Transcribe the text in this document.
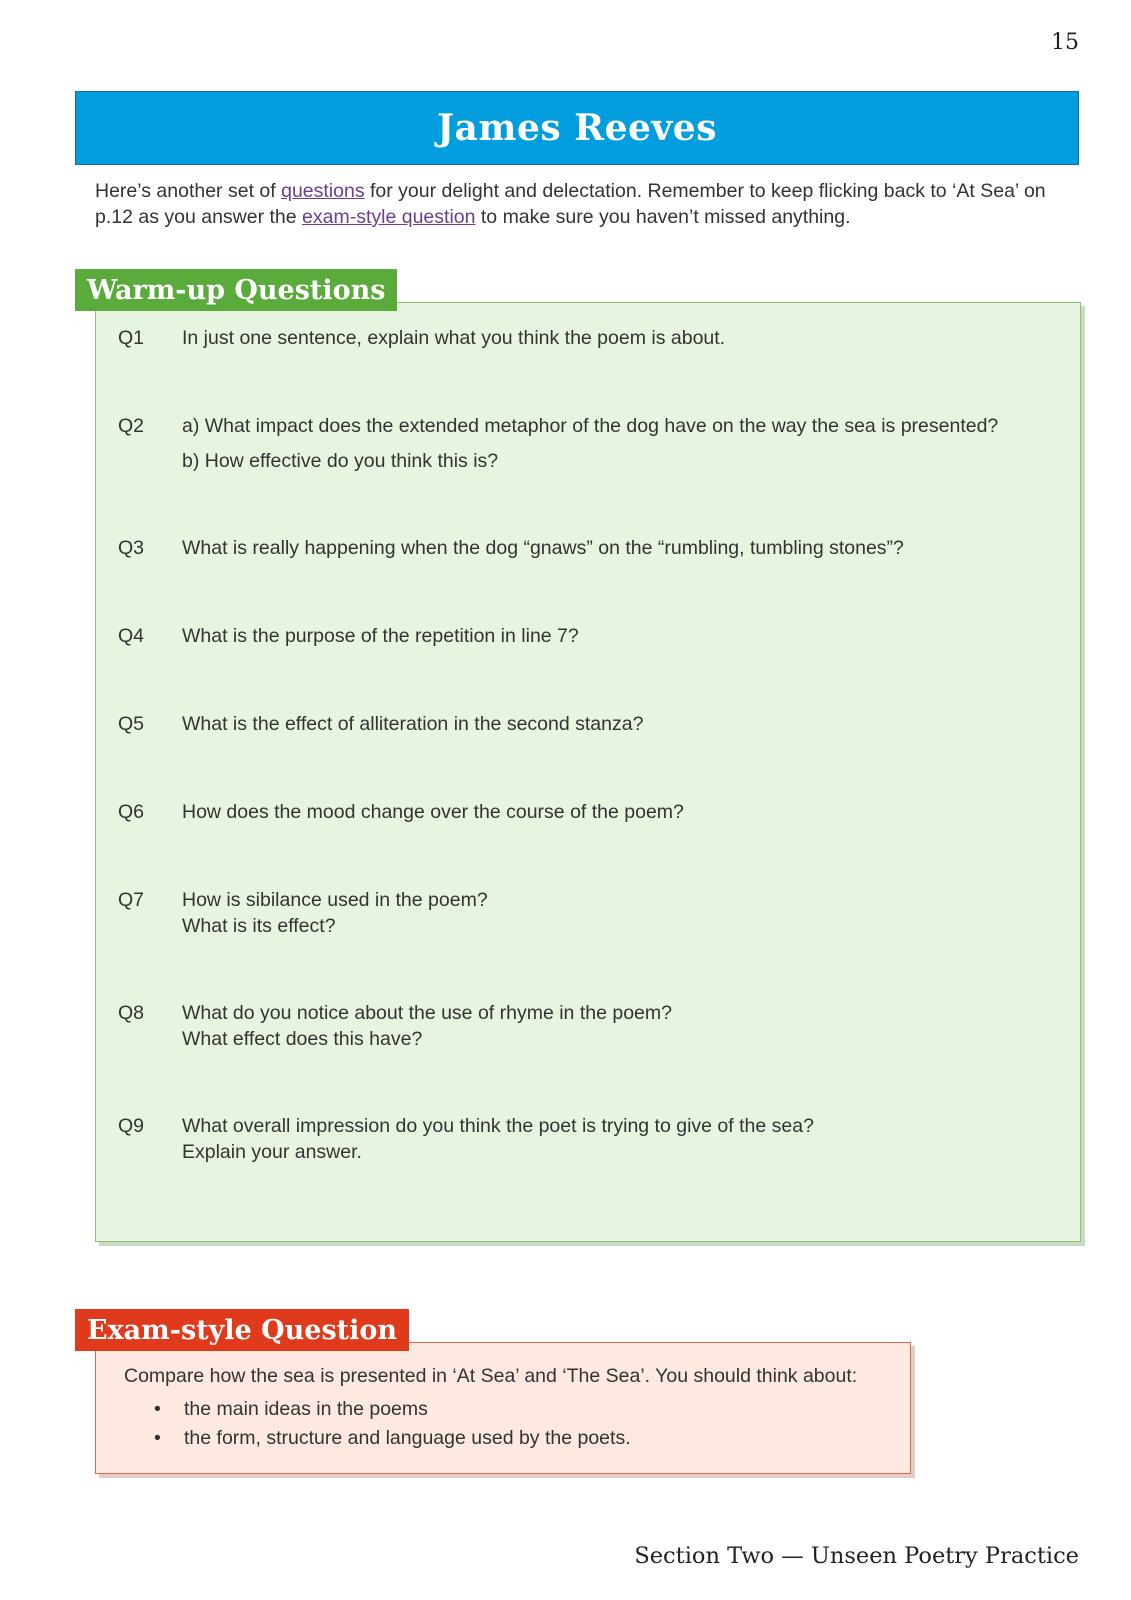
15
James Reeves

Here’s another set of questions for your delight and delectation. Remember to keep flicking back to ‘At Sea’ on p.12 as you answer the exam-style question to make sure you haven’t missed anything.

Warm-up Questions
Q1 In just one sentence, explain what you think the poem is about.
Q2 a) What impact does the extended metaphor of the dog have on the way the sea is presented?
b) How effective do you think this is?
Q3 What is really happening when the dog “gnaws” on the “rumbling, tumbling stones”?
Q4 What is the purpose of the repetition in line 7?
Q5 What is the effect of alliteration in the second stanza?
Q6 How does the mood change over the course of the poem?
Q7 How is sibilance used in the poem?
What is its effect?
Q8 What do you notice about the use of rhyme in the poem?
What effect does this have?
Q9 What overall impression do you think the poet is trying to give of the sea?
Explain your answer.
Exam-style Question
Compare how the sea is presented in ‘At Sea’ and ‘The Sea’. You should think about:
• the main ideas in the poems
• the form, structure and language used by the poets.
Section Two — Unseen Poetry Practice
